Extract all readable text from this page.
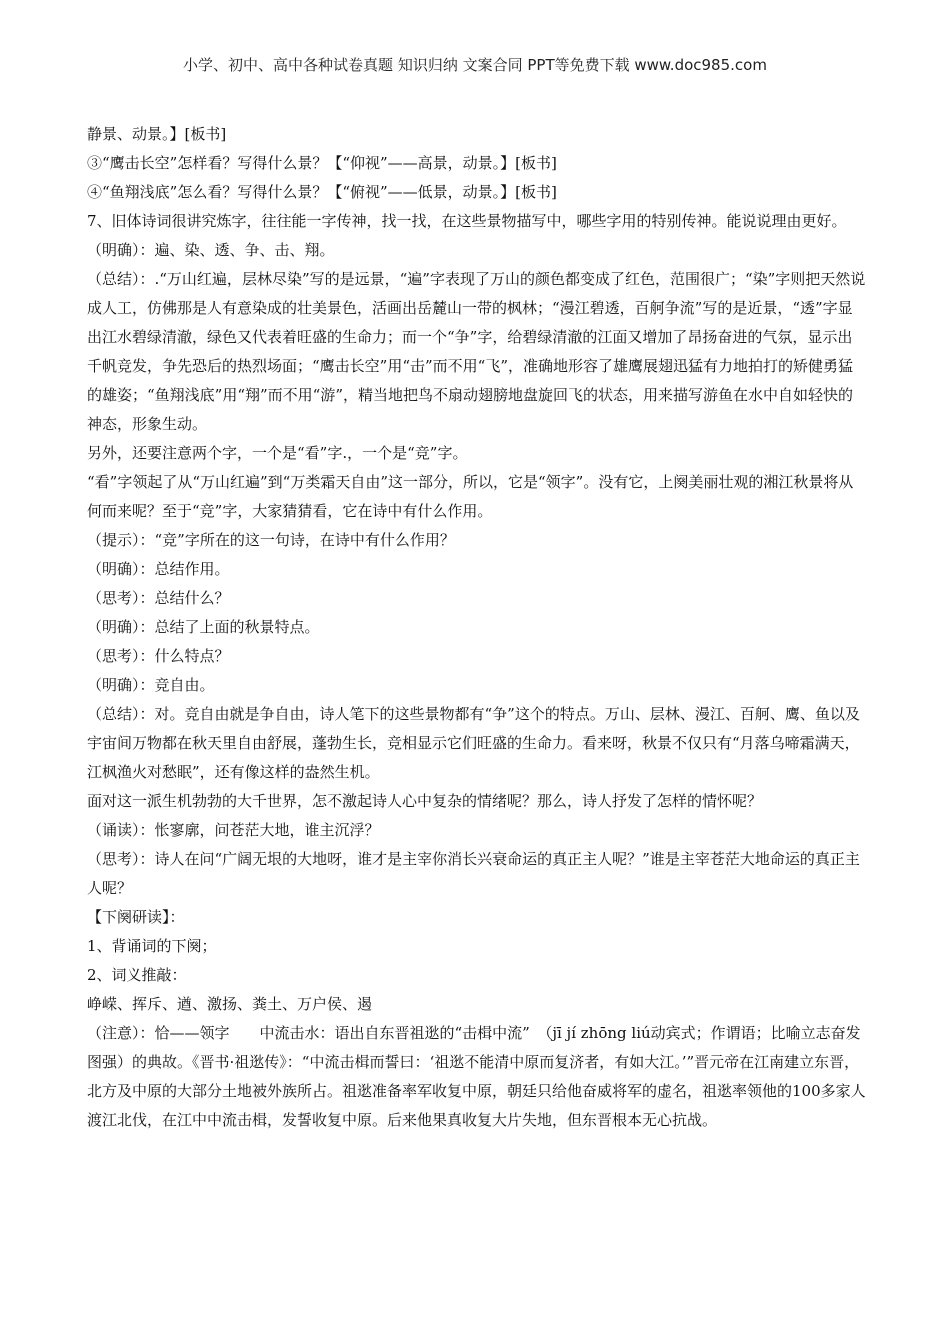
小学、初中、高中各种试卷真题 知识归纳 文案合同 PPT等免费下载 www.doc985.com

静景、动景。】[板书]

③“鹰击长空”怎样看？写得什么景？【“仰视”——高景，动景。】[板书]

④“鱼翔浅底”怎么看？写得什么景？【“俯视”——低景，动景。】[板书]

7、旧体诗词很讲究炼字，往往能一字传神，找一找，在这些景物描写中，哪些字用的特别传神。能说说理由更好。

（明确）：遍、染、透、争、击、翔。

（总结）：.“万山红遍，层林尽染”写的是远景，“遍”字表现了万山的颜色都变成了红色，范围很广；“染”字则把天然说成人工，仿佛那是人有意染成的壮美景色，活画出岳麓山一带的枫林；“漫江碧透，百舸争流”写的是近景，“透”字显出江水碧绿清澈，绿色又代表着旺盛的生命力；而一个“争”字，给碧绿清澈的江面又增加了昂扬奋进的气氛，显示出千帆竞发，争先恐后的热烈场面；“鹰击长空”用“击”而不用“飞”，准确地形容了雄鹰展翅迅猛有力地拍打的矫健勇猛的雄姿；“鱼翔浅底”用“翔”而不用“游”，精当地把鸟不扇动翅膀地盘旋回飞的状态，用来描写游鱼在水中自如轻快的神态，形象生动。

另外，还要注意两个字，一个是“看”字.，一个是“竞”字。

“看”字领起了从“万山红遍”到“万类霜天自由”这一部分，所以，它是“领字”。没有它，上阕美丽壮观的湘江秋景将从何而来呢？至于“竞”字，大家猜猜看，它在诗中有什么作用。

（提示）：“竞”字所在的这一句诗，在诗中有什么作用？

（明确）：总结作用。

（思考）：总结什么？

（明确）：总结了上面的秋景特点。

（思考）：什么特点？

（明确）：竞自由。

（总结）：对。竞自由就是争自由，诗人笔下的这些景物都有“争”这个的特点。万山、层林、漫江、百舸、鹰、鱼以及宇宙间万物都在秋天里自由舒展，蓬勃生长，竞相显示它们旺盛的生命力。看来呀，秋景不仅只有“月落乌啼霜满天，江枫渔火对愁眠”，还有像这样的盎然生机。

面对这一派生机勃勃的大千世界，怎不激起诗人心中复杂的情绪呢？那么，诗人抒发了怎样的情怀呢？

（诵读）：怅寥廓，问苍茫大地，谁主沉浮？

（思考）：诗人在问“广阔无垠的大地呀，谁才是主宰你消长兴衰命运的真正主人呢？”谁是主宰苍茫大地命运的真正主人呢？

【下阕研读】：

1、背诵词的下阕；

2、词义推敲：

峥嵘、挥斥、遒、激扬、粪土、万户侯、遏

（注意）：恰——领字　　中流击水：语出自东晋祖逖的“击楫中流”　（jī jí zhōng liú动宾式；作谓语；比喻立志奋发图强）的典故。《晋书·祖逖传》：“中流击楫而誓曰：‘祖逖不能清中原而复济者，有如大江。’”晋元帝在江南建立东晋，北方及中原的大部分土地被外族所占。祖逖准备率军收复中原，朝廷只给他奋威将军的虚名，祖逖率领他的100多家人渡江北伐，在江中中流击楫，发誓收复中原。后来他果真收复大片失地，但东晋根本无心抗战。
